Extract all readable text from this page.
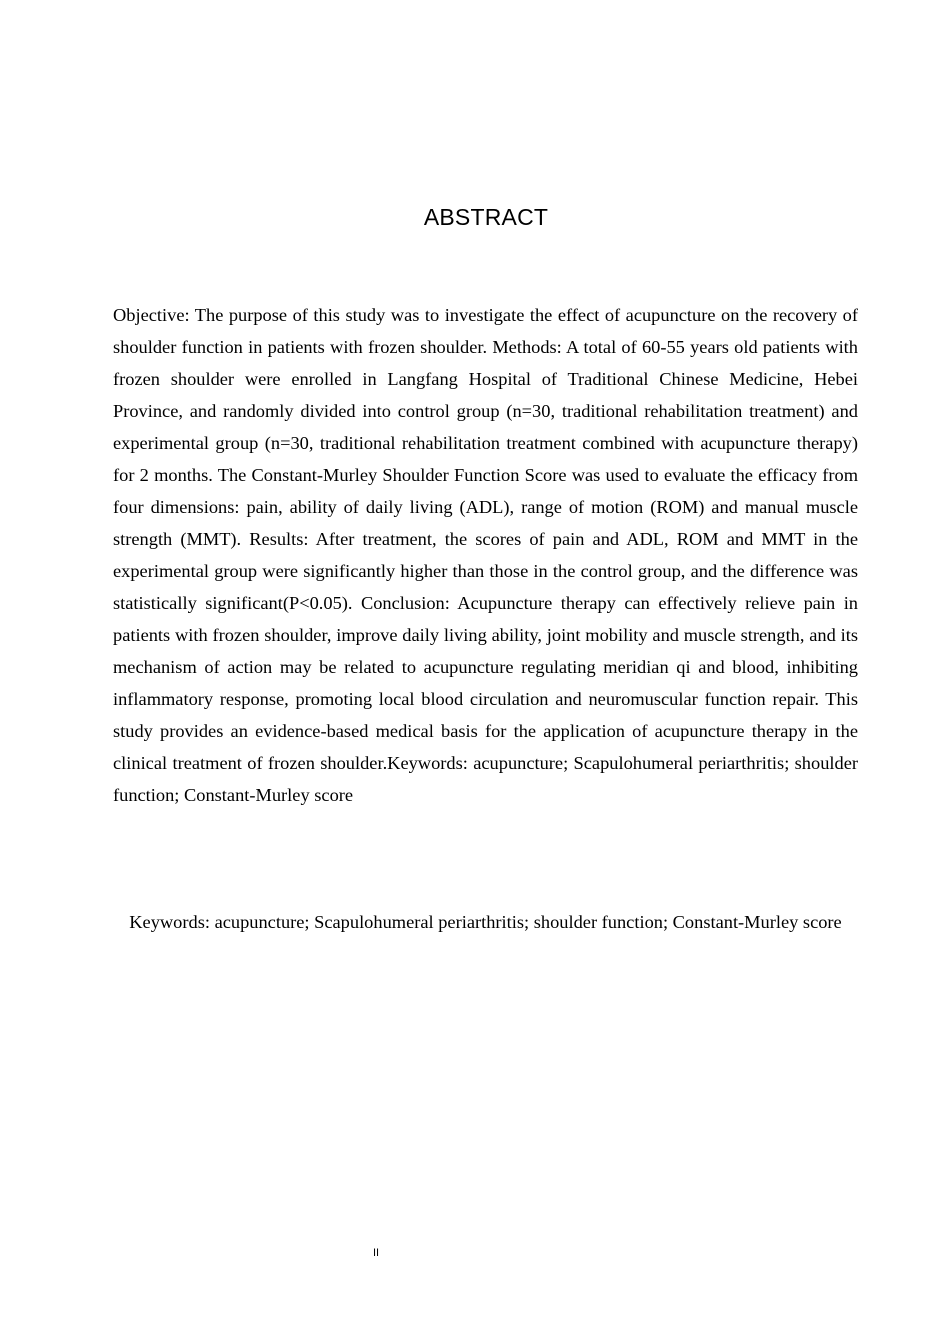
ABSTRACT

Objective: The purpose of this study was to investigate the effect of acupuncture on the recovery of shoulder function in patients with frozen shoulder. Methods: A total of 60-55 years old patients with frozen shoulder were enrolled in Langfang Hospital of Traditional Chinese Medicine, Hebei Province, and randomly divided into control group (n=30, traditional rehabilitation treatment) and experimental group (n=30, traditional rehabilitation treatment combined with acupuncture therapy) for 2 months. The Constant-Murley Shoulder Function Score was used to evaluate the efficacy from four dimensions: pain, ability of daily living (ADL), range of motion (ROM) and manual muscle strength (MMT). Results: After treatment, the scores of pain and ADL, ROM and MMT in the experimental group were significantly higher than those in the control group, and the difference was statistically significant(P<0.05). Conclusion: Acupuncture therapy can effectively relieve pain in patients with frozen shoulder, improve daily living ability, joint mobility and muscle strength, and its mechanism of action may be related to acupuncture regulating meridian qi and blood, inhibiting inflammatory response, promoting local blood circulation and neuromuscular function repair. This study provides an evidence-based medical basis for the application of acupuncture therapy in the clinical treatment of frozen shoulder.Keywords: acupuncture; Scapulohumeral periarthritis; shoulder function; Constant-Murley score

Keywords: acupuncture; Scapulohumeral periarthritis; shoulder function; Constant-Murley score

II
